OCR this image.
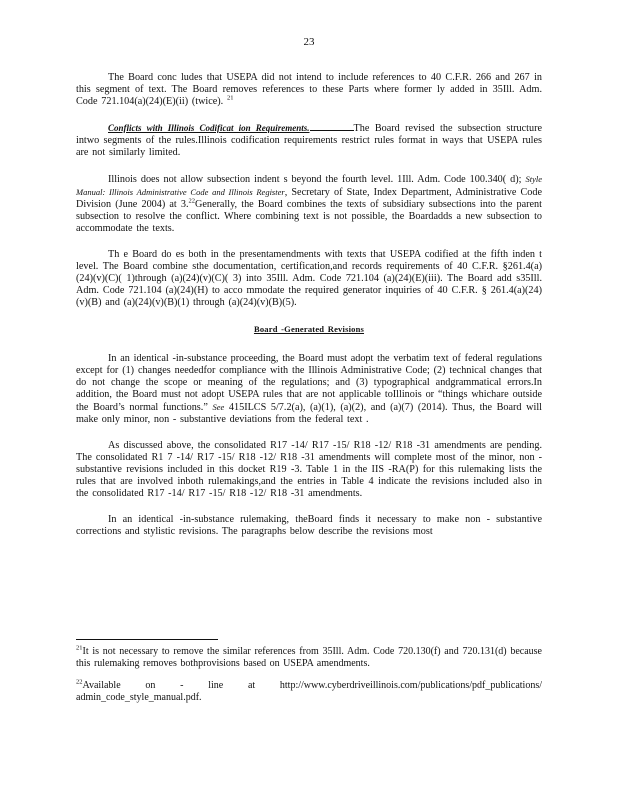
23

The Board conc ludes that USEPA did not intend to include references to 40 C.F.R. 266 and 267 in this segment of text. The Board removes references to these Parts where former ly added in 35Ill. Adm. Code 721.104(a)(24)(E)(ii) (twice). $^{21}$

Conflicts with Illinois Codificat ion Requirements.	The Board revised the subsection structure intwo segments of the rules.Illinois codification requirements restrict rules format in ways that USEPA rules are not similarly limited.

Illinois does not allow subsection indent s beyond the fourth level. 1Ill. Adm. Code 100.340( d); Style Manual: Illinois Administrative Code and Illinois Register, Secretary of State, Index Department, Administrative Code Division (June 2004) at 3.22Generally, the Board combines the texts of subsidiary subsections into the parent subsection to resolve the conflict. Where combining text is not possible, the Boardadds a new subsection to accommodate the texts.

Th e Board do es both in the presentamendments with texts that USEPA codified at the fifth inden t level. The Board combine sthe documentation, certification,and records requirements of 40 C.F.R. §261.4(a)(24)(v)(C)( 1)through (a)(24)(v)(C)( 3) into 35Ill. Adm. Code 721.104 (a)(24)(E)(iii). The Board add s35Ill. Adm. Code 721.104 (a)(24)(H) to acco mmodate the required generator inquiries of 40 C.F.R. § 261.4(a)(24)(v)(B) and (a)(24)(v)(B)(1) through (a)(24)(v)(B)(5).

Board -Generated Revisions

In an identical -in-substance proceeding, the Board must adopt the verbatim text of federal regulations except for (1) changes neededfor compliance with the Illinois Administrative Code; (2) technical changes that do not change the scope or meaning of the regulations; and (3) typographical andgrammatical errors.In addition, the Board must not adopt USEPA rules that are not applicable toIllinois or “things whichare outside the Board’s normal functions.” See 415ILCS 5/7.2(a), (a)(1), (a)(2), and (a)(7) (2014). Thus, the Board will make only minor, non - substantive deviations from the federal text .

As discussed above, the consolidated R17 -14/ R17 -15/ R18 -12/ R18 -31 amendments are pending. The consolidated R1 7 -14/ R17 -15/ R18 -12/ R18 -31 amendments will complete most of the minor, non -substantive revisions included in this docket R19 -3. Table 1 in the IIS -RA(P) for this rulemaking lists the rules that are involved inboth rulemakings,and the entries in Table 4 indicate the revisions included also in the consolidated R17 -14/ R17 -15/ R18 -12/ R18 -31 amendments.

In an identical -in-substance rulemaking, theBoard finds it necessary to make non - substantive corrections and stylistic revisions. The paragraphs below describe the revisions most

$^{21}$It is not necessary to remove the similar references from 35Ill. Adm. Code 720.130(f) and 720.131(d) because this rulemaking removes bothprovisions based on USEPA amendments.

$^{22}$Available on - line at http://www.cyberdriveillinois.com/publications/pdf_publications/ admin_code_style_manual.pdf.
